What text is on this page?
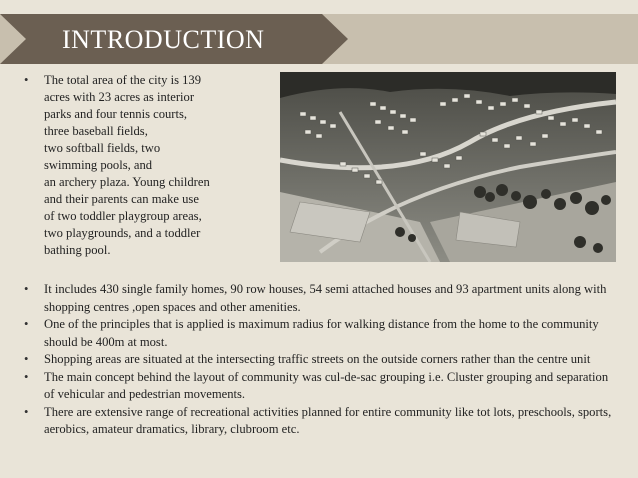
INTRODUCTION
• The total area of the city is 139
acres with 23 acres as interior
parks and four tennis courts,
three baseball fields,
two softball fields, two
swimming pools, and
an archery plaza. Young children
and their parents can make use
of two toddler playgroup areas,
two playgrounds, and a toddler
bathing pool.
• It includes 430 single family homes, 90 row houses, 54 semi attached houses and 93 apartment units along with shopping centres ,open spaces and other amenities.
• One of the principles that is applied is maximum radius for walking distance from the home to the community should be 400m at most.
• Shopping areas are situated at the intersecting traffic streets on the outside corners rather than the centre unit
• The main concept behind the layout of community was cul-de-sac grouping i.e. Cluster grouping and separation of vehicular and pedestrian movements.
• There are extensive range of recreational activities planned for entire community like tot lots, preschools, sports, aerobics, amateur dramatics, library, clubroom etc.
